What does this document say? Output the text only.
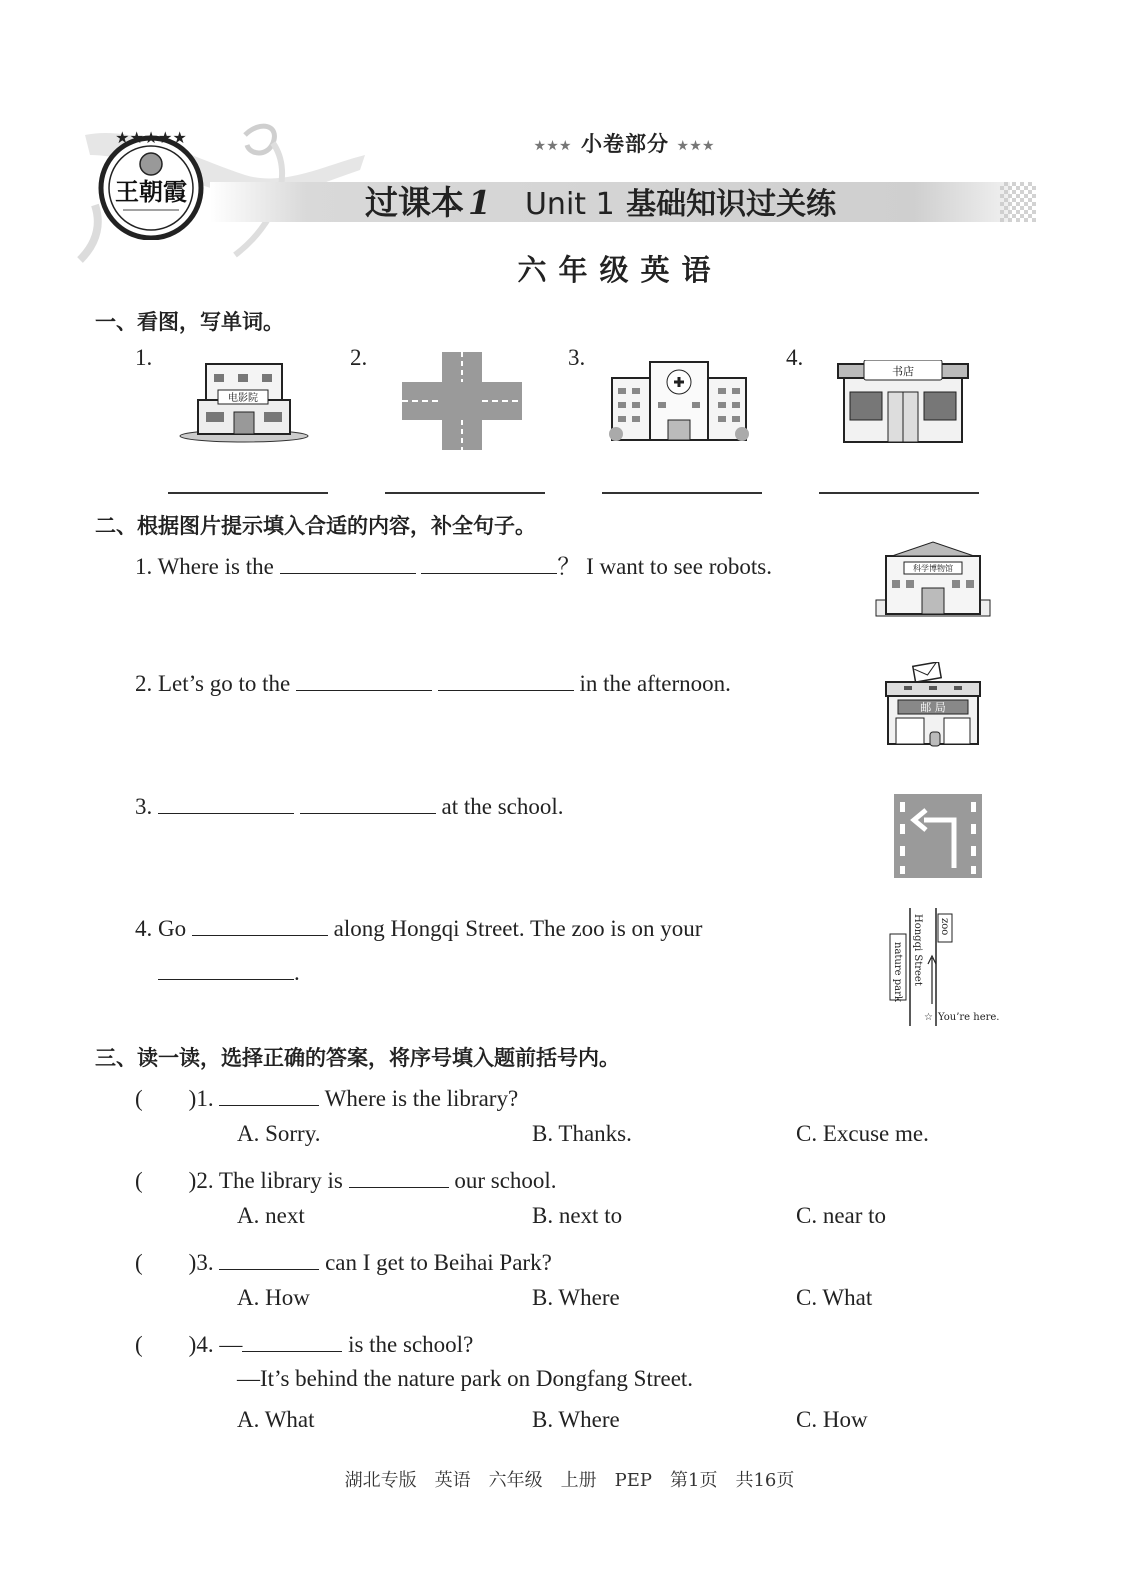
★★★★★
王朝霞
★★★ 小卷部分 ★★★
过课本 1 Unit 1 基础知识过关练
六年级英语
一、看图，写单词。
1.	2.	3.	4.
电影院
书店
二、根据图片提示填入合适的内容，补全句子。
1. Where is the	？ I want to see robots.	科学博物馆
2. Let’s go to the	in the afternoon.
邮 局
3.	at the school.
4. Go	along Hongqi Street. The zoo is on your
.	nature park Hongqi Street zoo
☆ You’re here.
三、读一读，选择正确的答案，将序号填入题前括号内。
(　　)1.	Where is the library?
A. Sorry.	B. Thanks.	C. Excuse me.
(　　)2. The library is	our school.
A. next	B. next to	C. near to
(　　)3.	can I get to Beihai Park?
A. How	B. Where	C. What
(　　)4. —	is the school?
—It’s behind the nature park on Dongfang Street.
A. What	B. Where	C. How
湖北专版　英语　六年级　上册　PEP　第1页　共16页
